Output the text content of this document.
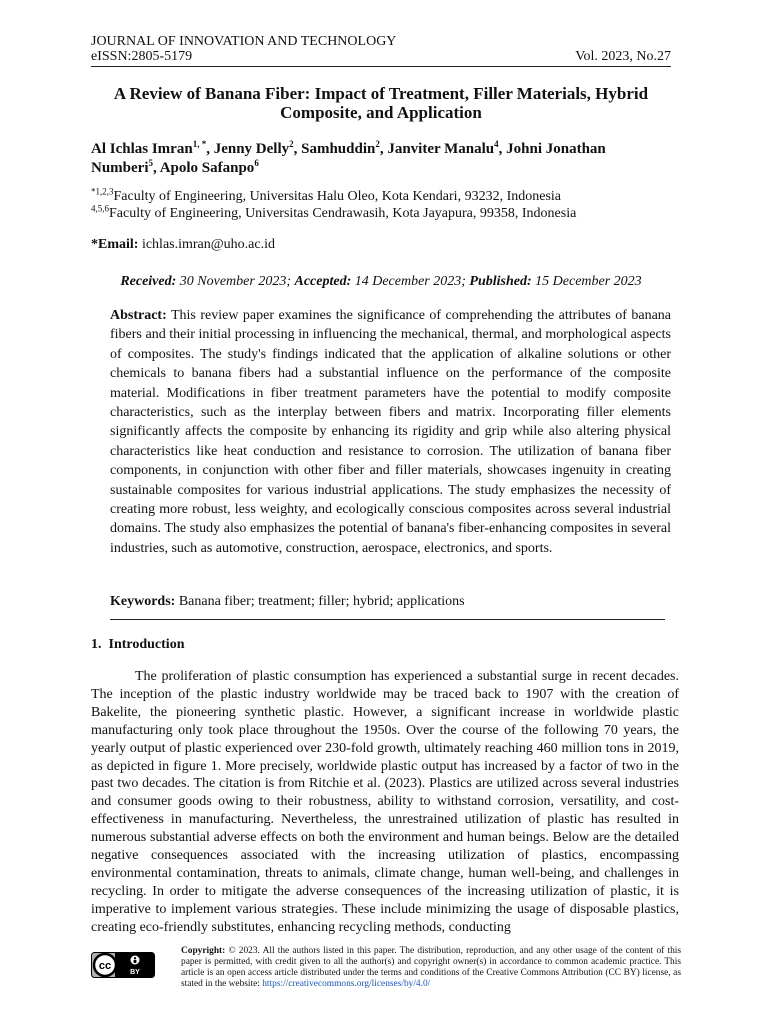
JOURNAL OF INNOVATION AND TECHNOLOGY
eISSN:2805-5179	Vol. 2023, No.27
A Review of Banana Fiber: Impact of Treatment, Filler Materials, Hybrid Composite, and Application
Al Ichlas Imran$^{1, *}$, Jenny Delly$^2$, Samhuddin$^2$, Janviter Manalu$^4$, Johni Jonathan Numberi$^5$, Apolo Safanpo$^6$
$^{*1,2,3}$Faculty of Engineering, Universitas Halu Oleo, Kota Kendari, 93232, Indonesia
$^{4,5,6}$Faculty of Engineering, Universitas Cendrawasih, Kota Jayapura, 99358, Indonesia
*Email: ichlas.imran@uho.ac.id
Received: 30 November 2023; Accepted: 14 December 2023; Published: 15 December 2023
Abstract: This review paper examines the significance of comprehending the attributes of banana fibers and their initial processing in influencing the mechanical, thermal, and morphological aspects of composites. The study's findings indicated that the application of alkaline solutions or other chemicals to banana fibers had a substantial influence on the performance of the composite material. Modifications in fiber treatment parameters have the potential to modify composite characteristics, such as the interplay between fibers and matrix. Incorporating filler elements significantly affects the composite by enhancing its rigidity and grip while also altering physical characteristics like heat conduction and resistance to corrosion. The utilization of banana fiber components, in conjunction with other fiber and filler materials, showcases ingenuity in creating sustainable composites for various industrial applications. The study emphasizes the necessity of creating more robust, less weighty, and ecologically conscious composites across several industrial domains. The study also emphasizes the potential of banana's fiber-enhancing composites in several industries, such as automotive, construction, aerospace, electronics, and sports.
Keywords: Banana fiber; treatment; filler; hybrid; applications
1. Introduction
The proliferation of plastic consumption has experienced a substantial surge in recent decades. The inception of the plastic industry worldwide may be traced back to 1907 with the creation of Bakelite, the pioneering synthetic plastic. However, a significant increase in worldwide plastic manufacturing only took place throughout the 1950s. Over the course of the following 70 years, the yearly output of plastic experienced over 230-fold growth, ultimately reaching 460 million tons in 2019, as depicted in figure 1. More precisely, worldwide plastic output has increased by a factor of two in the past two decades. The citation is from Ritchie et al. (2023). Plastics are utilized across several industries and consumer goods owing to their robustness, ability to withstand corrosion, versatility, and cost-effectiveness in manufacturing. Nevertheless, the unrestrained utilization of plastic has resulted in numerous substantial adverse effects on both the environment and human beings. Below are the detailed negative consequences associated with the increasing utilization of plastics, encompassing environmental contamination, threats to animals, climate change, human well-being, and challenges in recycling. In order to mitigate the adverse consequences of the increasing utilization of plastic, it is imperative to implement various strategies. These include minimizing the usage of disposable plastics, creating eco-friendly substitutes, enhancing recycling methods, conducting
cc
BY
Copyright: © 2023. All the authors listed in this paper. The distribution, reproduction, and any other usage of the content of this paper is permitted, with credit given to all the author(s) and copyright owner(s) in accordance to common academic practice. This article is an open access article distributed under the terms and conditions of the Creative Commons Attribution (CC BY) license, as stated in the website: https://creativecommons.org/licenses/by/4.0/
